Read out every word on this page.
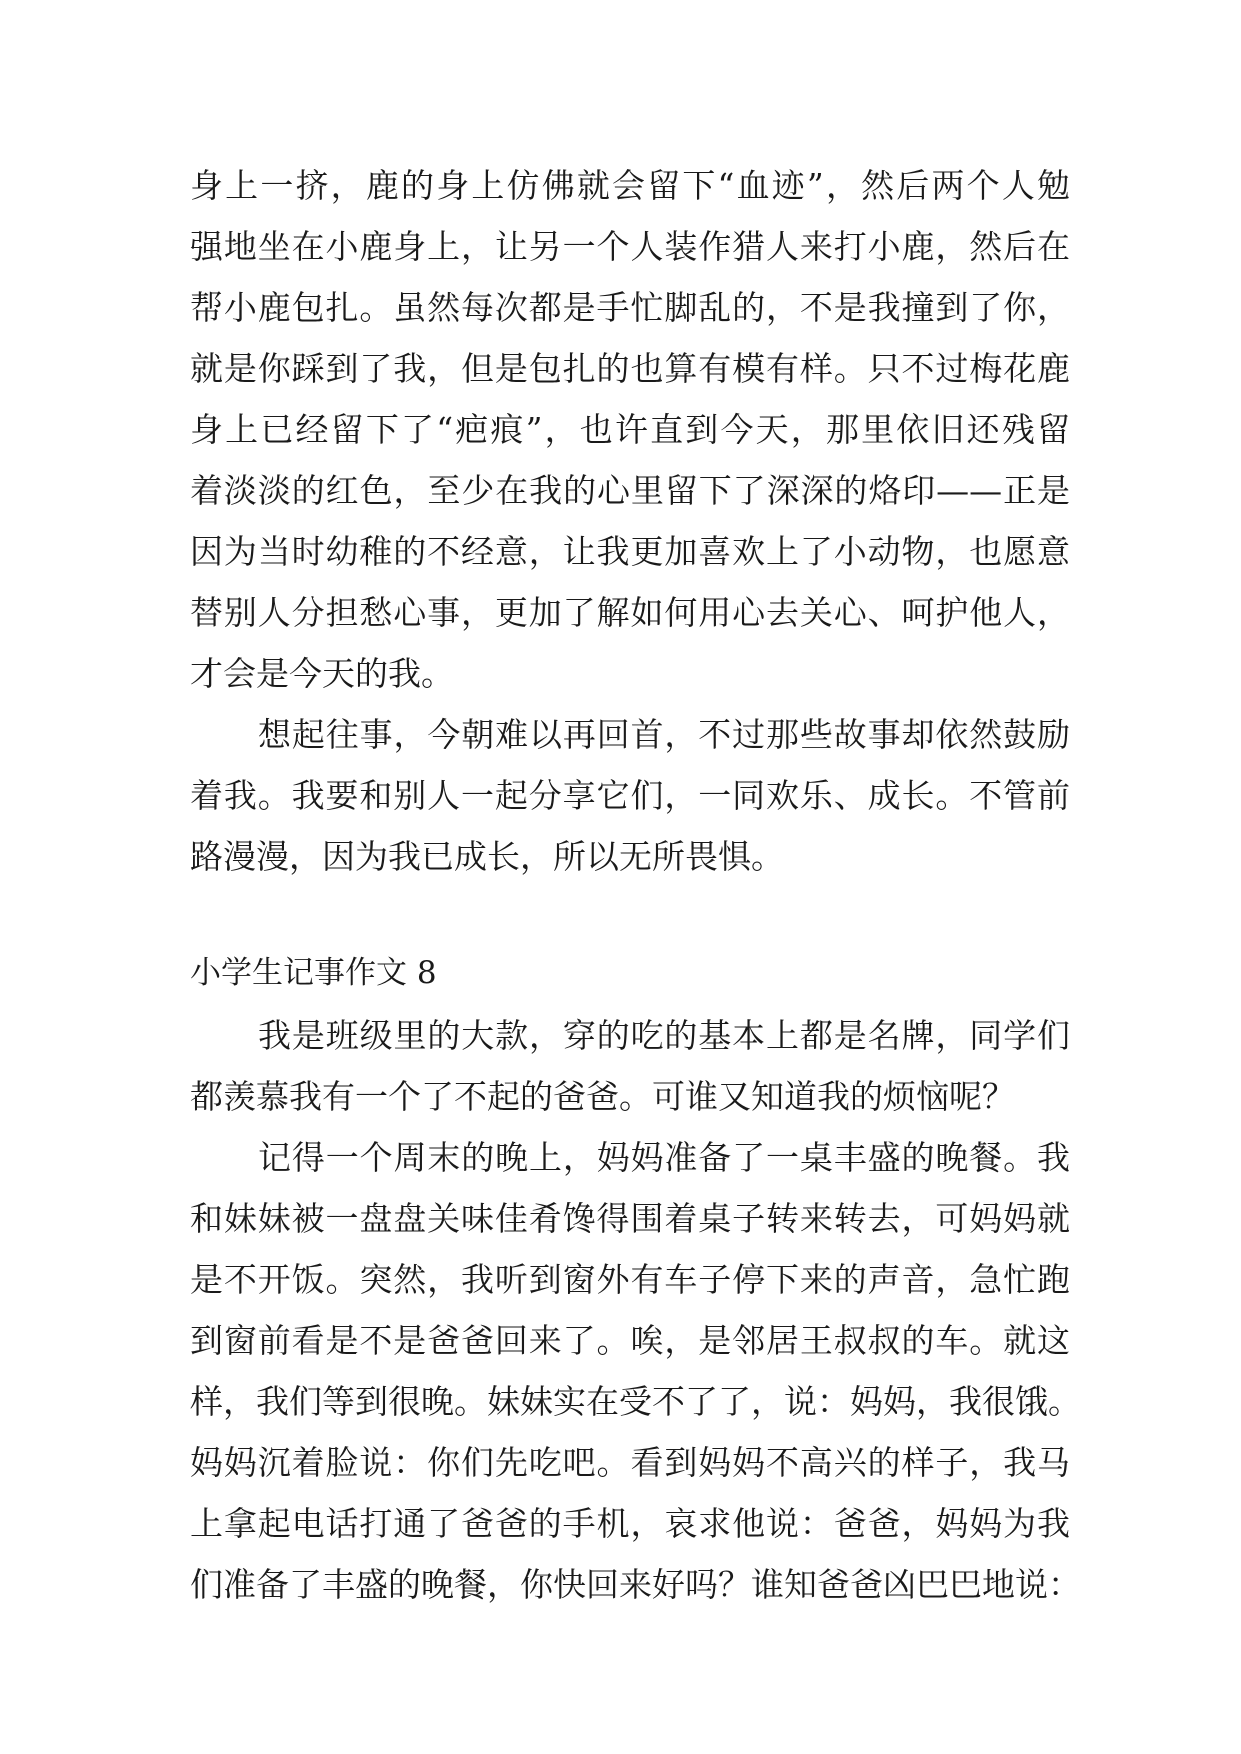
身上一挤，鹿的身上仿佛就会留下“血迹”，然后两个人勉
强地坐在小鹿身上，让另一个人装作猎人来打小鹿，然后在
帮小鹿包扎。虽然每次都是手忙脚乱的，不是我撞到了你，
就是你踩到了我，但是包扎的也算有模有样。只不过梅花鹿
身上已经留下了“疤痕”，也许直到今天，那里依旧还残留
着淡淡的红色，至少在我的心里留下了深深的烙印——正是
因为当时幼稚的不经意，让我更加喜欢上了小动物，也愿意
替别人分担愁心事，更加了解如何用心去关心、呵护他人，
才会是今天的我。
想起往事，今朝难以再回首，不过那些故事却依然鼓励
着我。我要和别人一起分享它们，一同欢乐、成长。不管前
路漫漫，因为我已成长，所以无所畏惧。
小学生记事作文 8
我是班级里的大款，穿的吃的基本上都是名牌，同学们
都羡慕我有一个了不起的爸爸。可谁又知道我的烦恼呢？
记得一个周末的晚上，妈妈准备了一桌丰盛的晚餐。我
和妹妹被一盘盘关味佳肴馋得围着桌子转来转去，可妈妈就
是不开饭。突然，我听到窗外有车子停下来的声音，急忙跑
到窗前看是不是爸爸回来了。唉，是邻居王叔叔的车。就这
样，我们等到很晚。妹妹实在受不了了，说：妈妈，我很饿。
妈妈沉着脸说：你们先吃吧。看到妈妈不高兴的样子，我马
上拿起电话打通了爸爸的手机，哀求他说：爸爸，妈妈为我
们准备了丰盛的晚餐，你快回来好吗？谁知爸爸凶巴巴地说：
